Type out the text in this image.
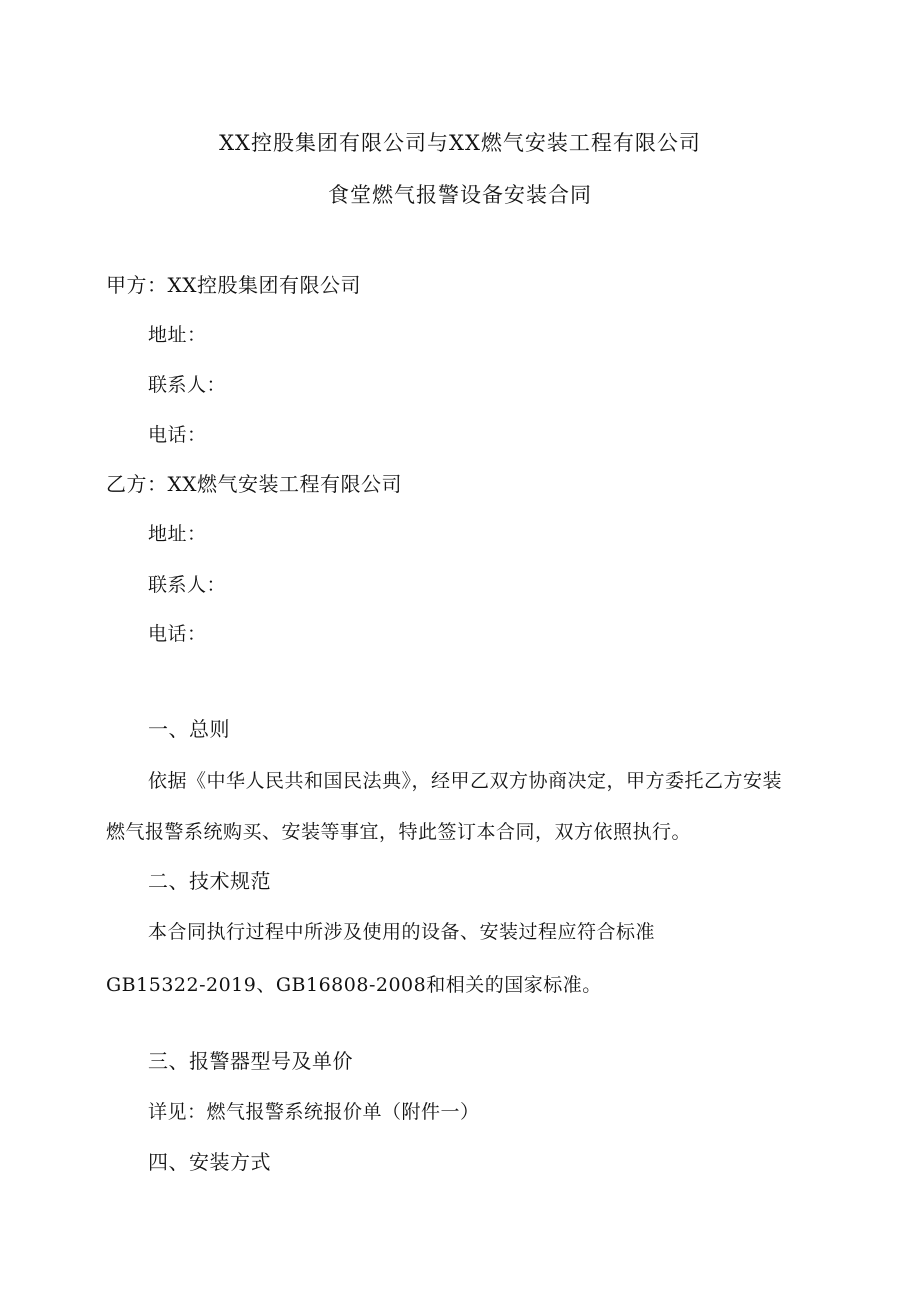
XX控股集团有限公司与XX燃气安装工程有限公司
食堂燃气报警设备安装合同
甲方：XX控股集团有限公司
地址：
联系人：
电话：
乙方：XX燃气安装工程有限公司
地址：
联系人：
电话：
一、总则
依据《中华人民共和国民法典》，经甲乙双方协商决定，甲方委托乙方安装
燃气报警系统购买、安装等事宜，特此签订本合同，双方依照执行。
二、技术规范
本合同执行过程中所涉及使用的设备、安装过程应符合标准
GB15322-2019、GB16808-2008和相关的国家标准。
三、报警器型号及单价
详见：燃气报警系统报价单（附件一）
四、安装方式
